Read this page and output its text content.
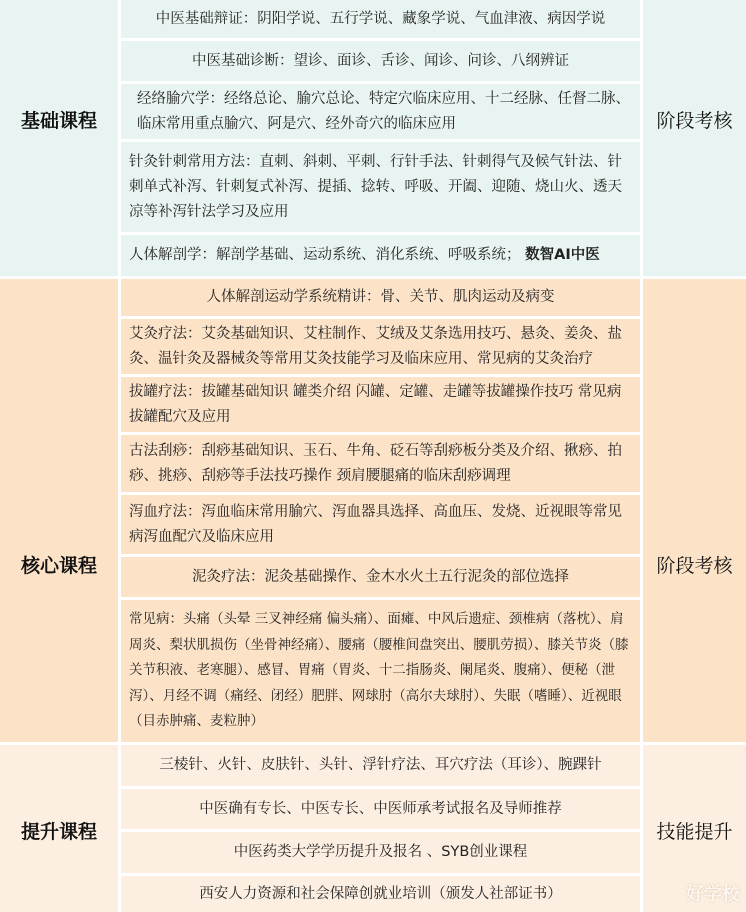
基础课程	阶段考核
中医基础辩证：阴阳学说、五行学说、藏象学说、气血津液、病因学说
中医基础诊断：望诊、面诊、舌诊、闻诊、问诊、八纲辨证
经络腧穴学：经络总论、腧穴总论、特定穴临床应用、十二经脉、任督二脉、临床常用重点腧穴、阿是穴、经外奇穴的临床应用
针灸针刺常用方法：直刺、斜刺、平刺、行针手法、针刺得气及候气针法、针刺单式补泻、针刺复式补泻、提插、捻转、呼吸、开阖、迎随、烧山火、透天凉等补泻针法学习及应用
人体解剖学：解剖学基础、运动系统、消化系统、呼吸系统； 数智AI中医
核心课程	阶段考核
人体解剖运动学系统精讲：骨、关节、肌肉运动及病变
艾灸疗法：艾灸基础知识、艾柱制作、艾绒及艾条选用技巧、悬灸、姜灸、盐灸、温针灸及器械灸等常用艾灸技能学习及临床应用、常见病的艾灸治疗
拔罐疗法：拔罐基础知识 罐类介绍 闪罐、定罐、走罐等拔罐操作技巧 常见病拔罐配穴及应用
古法刮痧：刮痧基础知识、玉石、牛角、砭石等刮痧板分类及介绍、揪痧、拍痧、挑痧、刮痧等手法技巧操作 颈肩腰腿痛的临床刮痧调理
泻血疗法：泻血临床常用腧穴、泻血器具选择、高血压、发烧、近视眼等常见病泻血配穴及临床应用
泥灸疗法：泥灸基础操作、金木水火土五行泥灸的部位选择
常见病：头痛（头晕 三叉神经痛 偏头痛）、面瘫、中风后遗症、颈椎病（落枕）、肩周炎、梨状肌损伤（坐骨神经痛）、腰痛（腰椎间盘突出、腰肌劳损）、膝关节炎（膝关节积液、老寒腿）、感冒、胃痛（胃炎、十二指肠炎、阑尾炎、腹痛）、便秘（泄泻）、月经不调（痛经、闭经）肥胖、网球肘（高尔夫球肘）、失眠（嗜睡）、近视眼（目赤肿痛、麦粒肿）
提升课程	技能提升
三棱针、火针、皮肤针、头针、浮针疗法、耳穴疗法（耳诊）、腕踝针
中医确有专长、中医专长、中医师承考试报名及导师推荐
中医药类大学学历提升及报名 、SYB创业课程
西安人力资源和社会保障创就业培训（颁发人社部证书）	好学校
